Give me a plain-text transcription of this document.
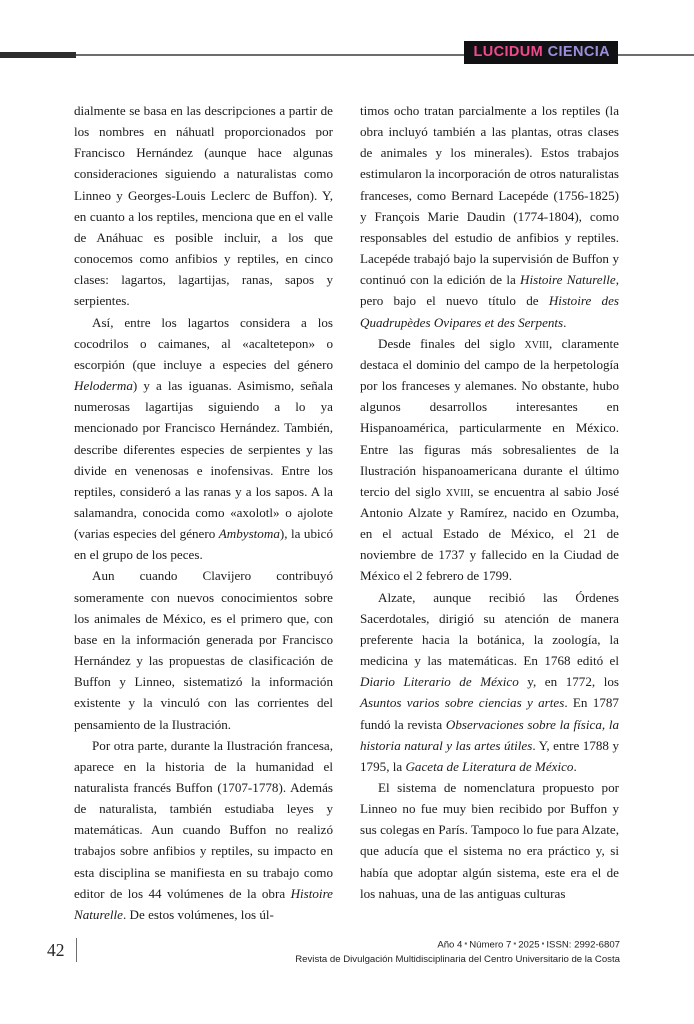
LUCIDUM CIENCIA

dialmente se basa en las descripciones a partir de los nombres en náhuatl proporcionados por Francisco Hernández (aunque hace algunas consideraciones siguiendo a naturalistas como Linneo y Georges-Louis Leclerc de Buffon). Y, en cuanto a los reptiles, menciona que en el valle de Anáhuac es posible incluir, a los que conocemos como anfibios y reptiles, en cinco clases: lagartos, lagartijas, ranas, sapos y serpientes.

Así, entre los lagartos considera a los cocodrilos o caimanes, al «acaltetepon» o escorpión (que incluye a especies del género Heloderma) y a las iguanas. Asimismo, señala numerosas lagartijas siguiendo a lo ya mencionado por Francisco Hernández. También, describe diferentes especies de serpientes y las divide en venenosas e inofensivas. Entre los reptiles, consideró a las ranas y a los sapos. A la salamandra, conocida como «axolotl» o ajolote (varias especies del género Ambystoma), la ubicó en el grupo de los peces.

Aun cuando Clavijero contribuyó someramente con nuevos conocimientos sobre los animales de México, es el primero que, con base en la información generada por Francisco Hernández y las propuestas de clasificación de Buffon y Linneo, sistematizó la información existente y la vinculó con las corrientes del pensamiento de la Ilustración.

Por otra parte, durante la Ilustración francesa, aparece en la historia de la humanidad el naturalista francés Buffon (1707-1778). Además de naturalista, también estudiaba leyes y matemáticas. Aun cuando Buffon no realizó trabajos sobre anfibios y reptiles, su impacto en esta disciplina se manifiesta en su trabajo como editor de los 44 volúmenes de la obra Histoire Naturelle. De estos volúmenes, los úl-

timos ocho tratan parcialmente a los reptiles (la obra incluyó también a las plantas, otras clases de animales y los minerales). Estos trabajos estimularon la incorporación de otros naturalistas franceses, como Bernard Lacepéde (1756-1825) y François Marie Daudin (1774-1804), como responsables del estudio de anfibios y reptiles. Lacepéde trabajó bajo la supervisión de Buffon y continuó con la edición de la Histoire Naturelle, pero bajo el nuevo título de Histoire des Quadrupèdes Ovipares et des Serpents.

Desde finales del siglo xviii, claramente destaca el dominio del campo de la herpetología por los franceses y alemanes. No obstante, hubo algunos desarrollos interesantes en Hispanoamérica, particularmente en México. Entre las figuras más sobresalientes de la Ilustración hispanoamericana durante el último tercio del siglo xviii, se encuentra al sabio José Antonio Alzate y Ramírez, nacido en Ozumba, en el actual Estado de México, el 21 de noviembre de 1737 y fallecido en la Ciudad de México el 2 febrero de 1799.

Alzate, aunque recibió las Órdenes Sacerdotales, dirigió su atención de manera preferente hacia la botánica, la zoología, la medicina y las matemáticas. En 1768 editó el Diario Literario de México y, en 1772, los Asuntos varios sobre ciencias y artes. En 1787 fundó la revista Observaciones sobre la física, la historia natural y las artes útiles. Y, entre 1788 y 1795, la Gaceta de Literatura de México.

El sistema de nomenclatura propuesto por Linneo no fue muy bien recibido por Buffon y sus colegas en París. Tampoco lo fue para Alzate, que aducía que el sistema no era práctico y, si había que adoptar algún sistema, este era el de los nahuas, una de las antiguas culturas

42	Año 4 ▪ Número 7 ▪ 2025 ▪ ISSN: 2992-6807
Revista de Divulgación Multidisciplinaria del Centro Universitario de la Costa
